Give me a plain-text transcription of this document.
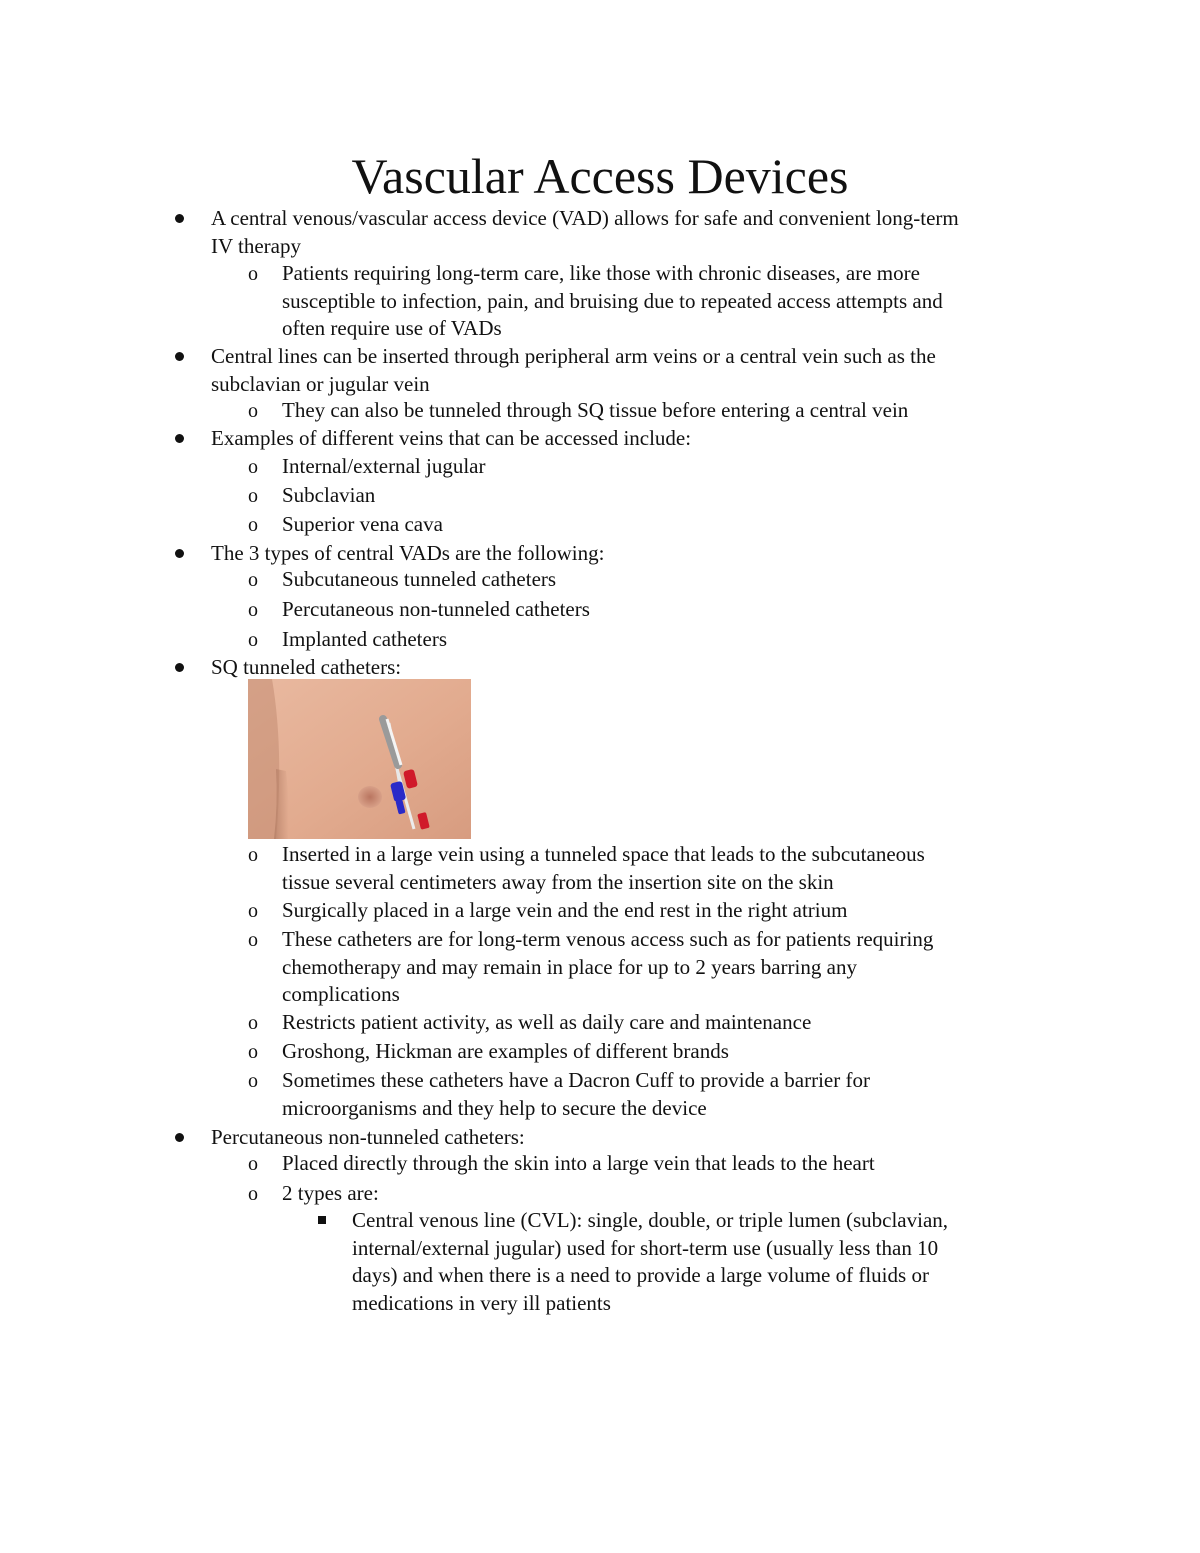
Vascular Access Devices

A central venous/vascular access device (VAD) allows for safe and convenient long-term
IV therapy

o Patients requiring long-term care, like those with chronic diseases, are more
susceptible to infection, pain, and bruising due to repeated access attempts and
often require use of VADs

Central lines can be inserted through peripheral arm veins or a central vein such as the
subclavian or jugular vein

o They can also be tunneled through SQ tissue before entering a central vein

Examples of different veins that can be accessed include:

o Internal/external jugular

o Subclavian

o Superior vena cava

The 3 types of central VADs are the following:

o Subcutaneous tunneled catheters

o Percutaneous non-tunneled catheters

o Implanted catheters

SQ tunneled catheters:

o Inserted in a large vein using a tunneled space that leads to the subcutaneous
tissue several centimeters away from the insertion site on the skin

o Surgically placed in a large vein and the end rest in the right atrium

o These catheters are for long-term venous access such as for patients requiring
chemotherapy and may remain in place for up to 2 years barring any
complications

o Restricts patient activity, as well as daily care and maintenance

o Groshong, Hickman are examples of different brands

o Sometimes these catheters have a Dacron Cuff to provide a barrier for
microorganisms and they help to secure the device

Percutaneous non-tunneled catheters:

o Placed directly through the skin into a large vein that leads to the heart

o 2 types are:

Central venous line (CVL): single, double, or triple lumen (subclavian,
internal/external jugular) used for short-term use (usually less than 10
days) and when there is a need to provide a large volume of fluids or
medications in very ill patients
